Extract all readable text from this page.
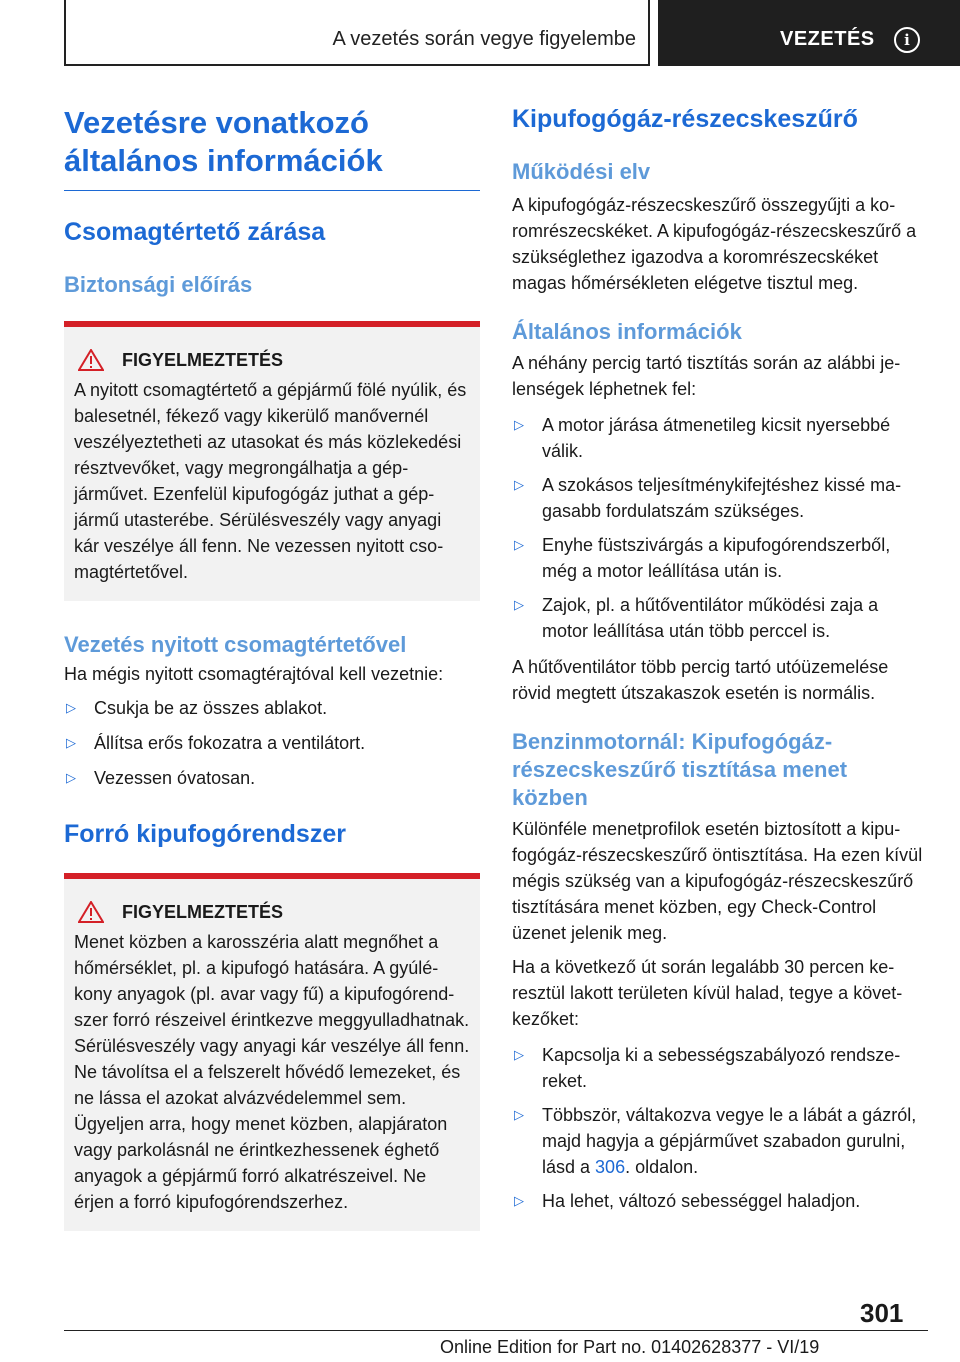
A vezetés során vegye figyelembe	VEZETÉS	i
Vezetésre vonatkozó általános információk
Csomagtértető zárása
Biztonsági előírás
FIGYELMEZTETÉS

A nyitott csomagtértető a gépjármű fölé nyúlik, és balesetnél, fékező vagy kikerülő manővernél veszélyeztetheti az utasokat és más közlekedési résztvevőket, vagy megrongálhatja a gépjárművet. Ezenfelül kipufogógáz juthat a gépjármű utasterébe. Sérülésveszély vagy anyagi kár veszélye áll fenn. Ne vezessen nyitott csomagtértetővel.

Vezetés nyitott csomagtértetővel

Ha mégis nyitott csomagtérajtóval kell vezetnie:

▷ Csukja be az összes ablakot.
▷ Állítsa erős fokozatra a ventilátort.
▷ Vezessen óvatosan.
Forró kipufogórendszer
FIGYELMEZTETÉS

Menet közben a karosszéria alatt megnőhet a hőmérséklet, pl. a kipufogó hatására. A gyúlékony anyagok (pl. avar vagy fű) a kipufogórendszer forró részeivel érintkezve meggyulladhatnak. Sérülésveszély vagy anyagi kár veszélye áll fenn. Ne távolítsa el a felszerelt hővédő lemezeket, és ne lássa el azokat alvázvédelemmel sem. Ügyeljen arra, hogy menet közben, alapjáraton vagy parkolásnál ne érintkezhessenek éghető anyagok a gépjármű forró alkatrészeivel. Ne érjen a forró kipufogórendszerhez.

Kipufogógáz-részecskeszűrő
Működési elv

A kipufogógáz-részecskeszűrő összegyűjti a koromrészecskéket. A kipufogógáz-részecskeszűrő a szükséglethez igazodva a koromrészecskéket magas hőmérsékleten elégetve tisztul meg.

Általános információk

A néhány percig tartó tisztítás során az alábbi jelenségek léphetnek fel:

▷ A motor járása átmenetileg kicsit nyersebbé válik.
▷ A szokásos teljesítménykifejtéshez kissé magasabb fordulatszám szükséges.
▷ Enyhe füstszivárgás a kipufogórendszerből, még a motor leállítása után is.
▷ Zajok, pl. a hűtőventilátor működési zaja a motor leállítása után több perccel is.

A hűtőventilátor több percig tartó utóüzemelése rövid megtett útszakaszok esetén is normális.

Benzinmotornál: Kipufogógáz-részecskeszűrő tisztítása menet közben

Különféle menetprofilok esetén biztosított a kipufogógáz-részecskeszűrő öntisztítása. Ha ezen kívül mégis szükség van a kipufogógáz-részecskeszűrő tisztítására menet közben, egy Check-Control üzenet jelenik meg.

Ha a következő út során legalább 30 percen keresztül lakott területen kívül halad, tegye a következőket:

▷ Kapcsolja ki a sebességszabályozó rendszereket.
▷ Többször, váltakozva vegye le a lábát a gázról, majd hagyja a gépjárművet szabadon gurulni, lásd a 306. oldalon.
▷ Ha lehet, változó sebességgel haladjon.
301
Online Edition for Part no. 01402628377 - VI/19
